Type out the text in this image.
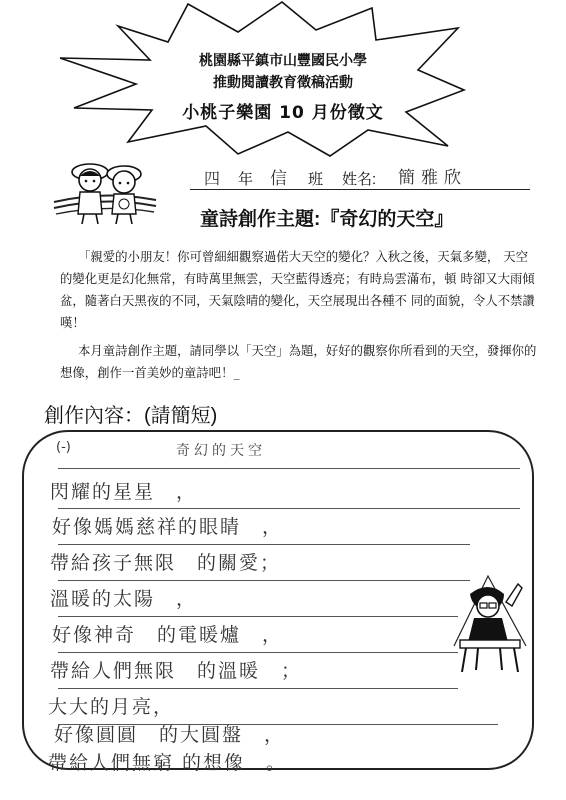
桃園縣平鎮市山豐國民小學
推動閱讀教育徵稿活動
小桃子樂園 10 月份徵文
四 年 信 班 姓名: 簡雅欣
童詩創作主題:『奇幻的天空』

「親愛的小朋友！你可曾細細觀察過偌大天空的變化？入秋之後，天氣多變， 天空的變化更是幻化無常，有時萬里無雲，天空藍得透亮；有時烏雲滿布，頓 時卻又大雨傾盆，隨著白天黑夜的不同，天氣陰晴的變化，天空展現出各種不 同的面貌，令人不禁讚嘆！

本月童詩創作主題，請同學以「天空」為題，好好的觀察你所看到的天空，發揮你的想像，創作一首美妙的童詩吧！_

創作內容：(請簡短)
(-)	奇幻的天空
閃耀的星星　，
好像媽媽慈祥的眼睛　，
帶給孩子無限　的關愛；
溫暖的太陽　，
好像神奇　的電暖爐　，
帶給人們無限　的溫暖　；
大大的月亮，
好像圓圓　的大圓盤　，
帶給人們無窮 的想像　。
